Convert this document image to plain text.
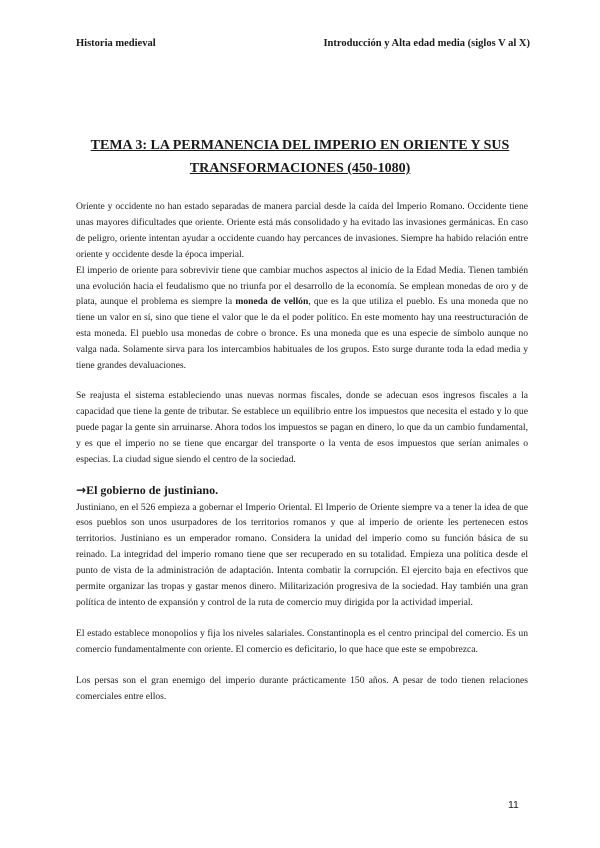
Historia medieval	Introducción y Alta edad media (siglos V al X)
TEMA 3: LA PERMANENCIA DEL IMPERIO EN ORIENTE Y SUS
TRANSFORMACIONES (450-1080)

Oriente y occidente no han estado separadas de manera parcial desde la caída del Imperio Romano. Occidente tiene unas mayores dificultades que oriente. Oriente está más consolidado y ha evitado las invasiones germánicas. En caso de peligro, oriente intentan ayudar a occidente cuando hay percances de invasiones. Siempre ha habido relación entre oriente y occidente desde la época imperial.

El imperio de oriente para sobrevivir tiene que cambiar muchos aspectos al inicio de la Edad Media. Tienen también una evolución hacia el feudalismo que no triunfa por el desarrollo de la economía. Se emplean monedas de oro y de plata, aunque el problema es siempre la moneda de vellón, que es la que utiliza el pueblo. Es una moneda que no tiene un valor en sí, sino que tiene el valor que le da el poder político. En este momento hay una reestructuración de esta moneda. El pueblo usa monedas de cobre o bronce. Es una moneda que es una especie de símbolo aunque no valga nada. Solamente sirva para los intercambios habituales de los grupos. Esto surge durante toda la edad media y tiene grandes devaluaciones.

Se reajusta el sistema estableciendo unas nuevas normas fiscales, donde se adecuan esos ingresos fiscales a la capacidad que tiene la gente de tributar. Se establece un equilibrio entre los impuestos que necesita el estado y lo que puede pagar la gente sin arruinarse. Ahora todos los impuestos se pagan en dinero, lo que da un cambio fundamental, y es que el imperio no se tiene que encargar del transporte o la venta de esos impuestos que serían animales o especias. La ciudad sigue siendo el centro de la sociedad.

→El gobierno de justiniano.

Justiniano, en el 526 empieza a gobernar el Imperio Oriental. El Imperio de Oriente siempre va a tener la idea de que esos pueblos son unos usurpadores de los territorios romanos y que al imperio de oriente les pertenecen estos territorios. Justiniano es un emperador romano. Considera la unidad del imperio como su función básica de su reinado. La integridad del imperio romano tiene que ser recuperado en su totalidad. Empieza una política desde el punto de vista de la administración de adaptación. Intenta combatir la corrupción. El ejercito baja en efectivos que permite organizar las tropas y gastar menos dinero. Militarización progresiva de la sociedad. Hay también una gran política de intento de expansión y control de la ruta de comercio muy dirigida por la actividad imperial.

El estado establece monopolios y fija los niveles salariales. Constantinopla es el centro principal del comercio. Es un comercio fundamentalmente con oriente. El comercio es deficitario, lo que hace que este se empobrezca.

Los persas son el gran enemigo del imperio durante prácticamente 150 años. A pesar de todo tienen relaciones comerciales entre ellos.

11
